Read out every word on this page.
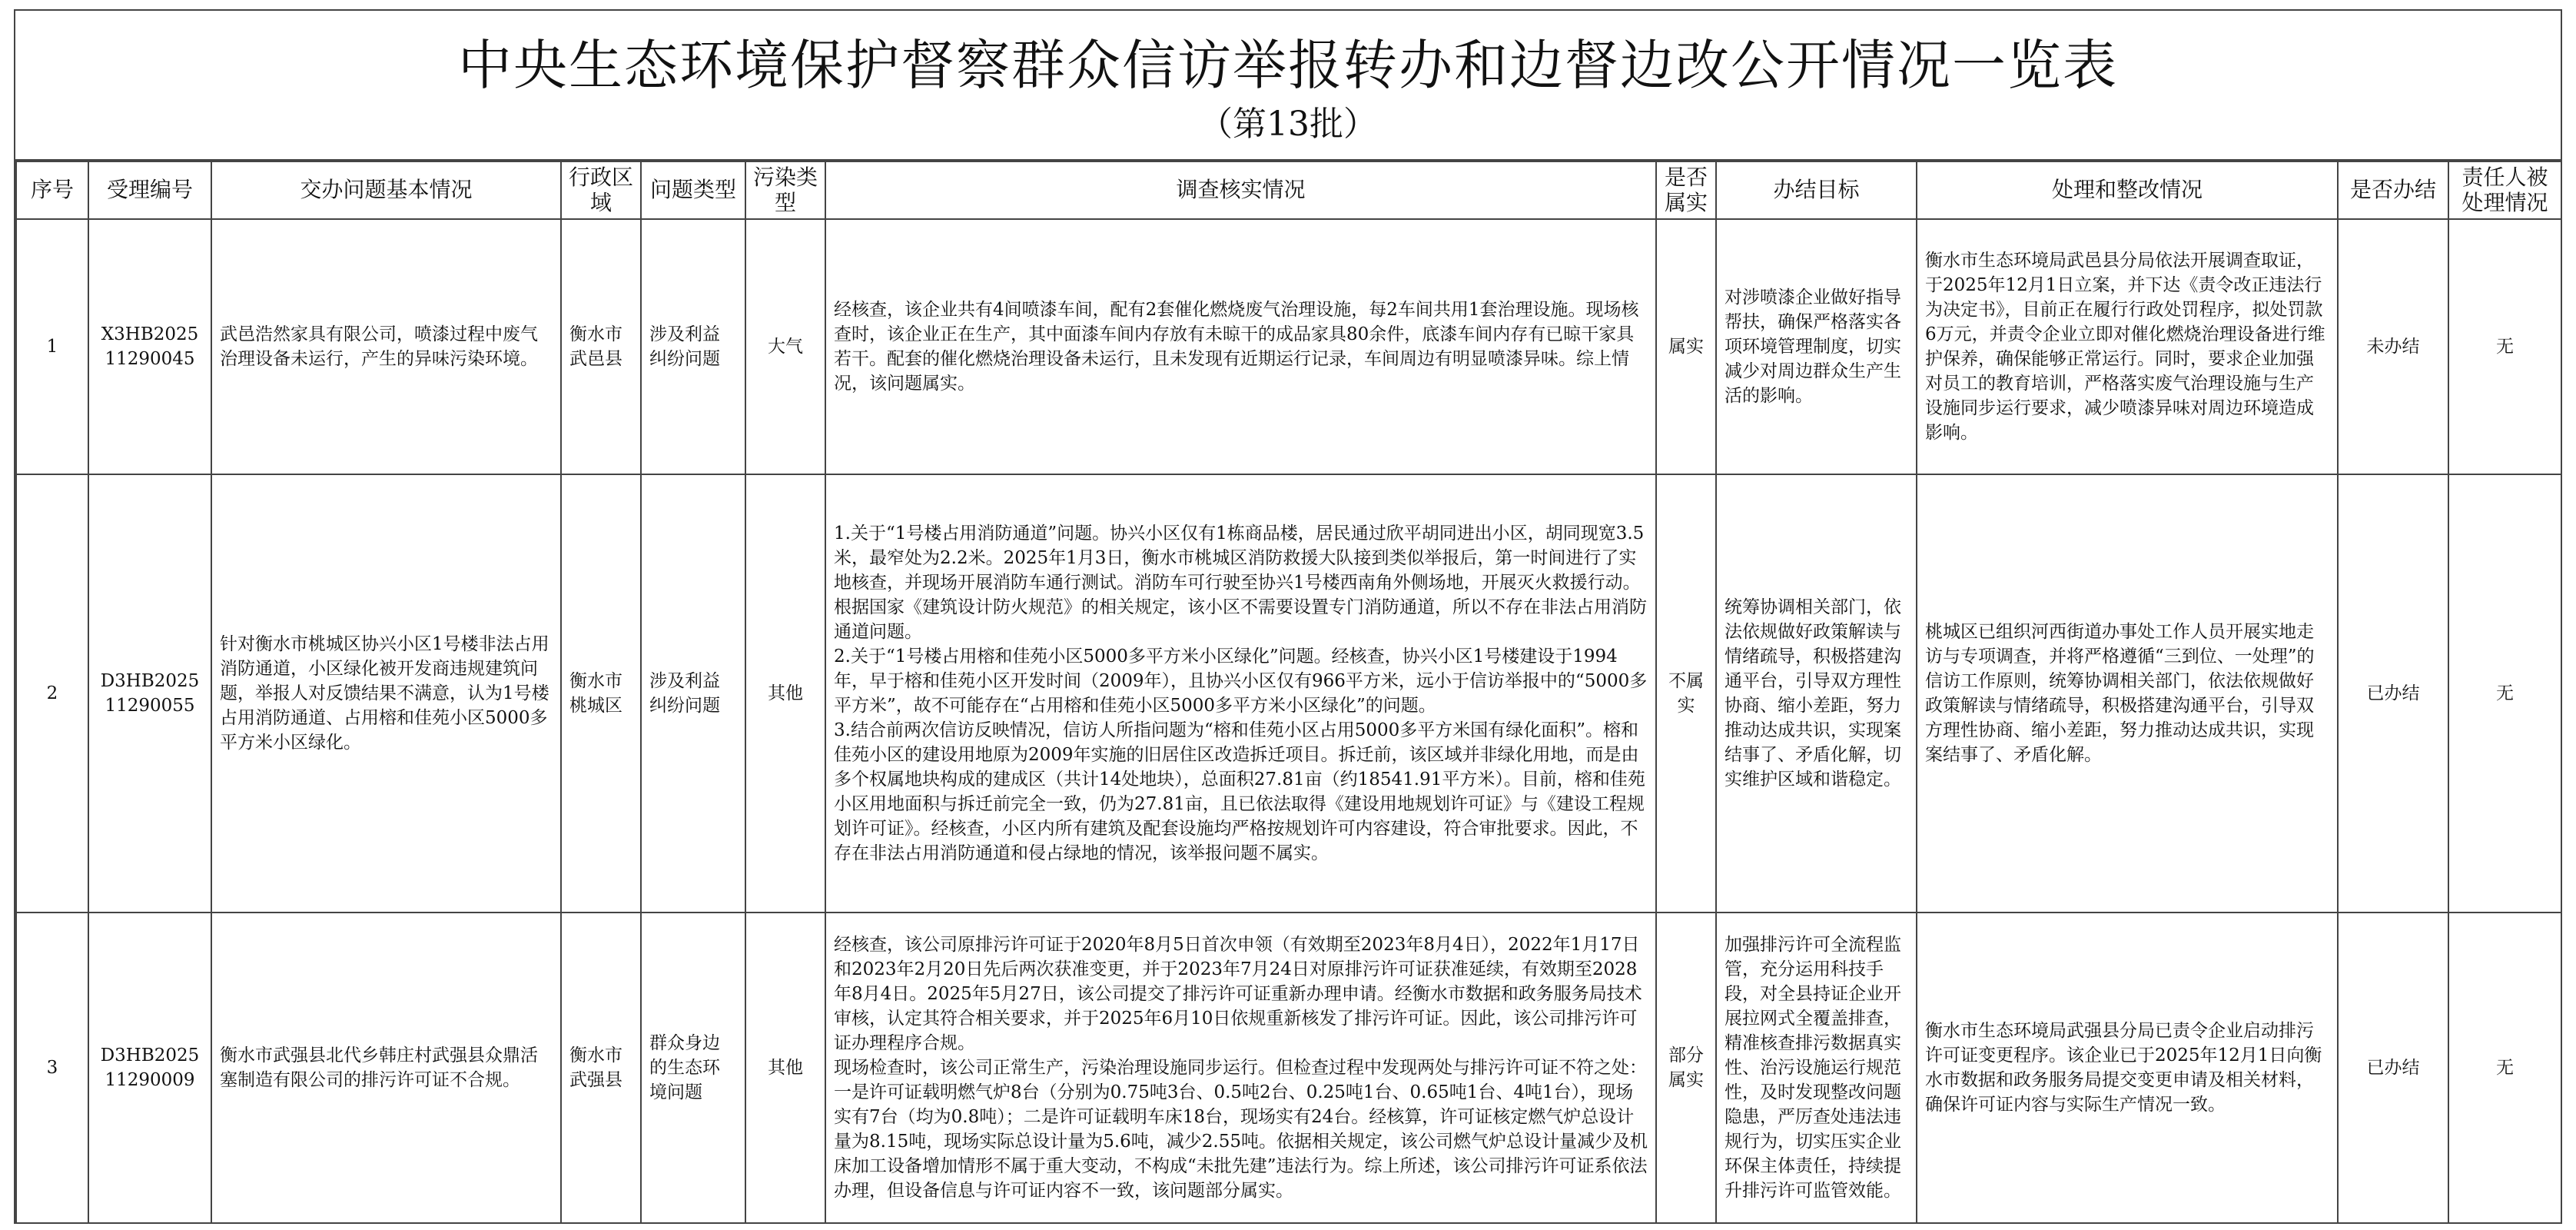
中央生态环境保护督察群众信访举报转办和边督边改公开情况一览表
（第13批）
序号	受理编号	交办问题基本情况	行政区域	问题类型	污染类型	调查核实情况	是否属实	办结目标	处理和整改情况	是否办结	责任人被处理情况
1	X3HB202511290045	武邑浩然家具有限公司，喷漆过程中废气治理设备未运行，产生的异味污染环境。	衡水市武邑县	涉及利益纠纷问题	大气	经核查，该企业共有4间喷漆车间，配有2套催化燃烧废气治理设施，每2车间共用1套治理设施。现场核查时，该企业正在生产，其中面漆车间内存放有未晾干的成品家具80余件，底漆车间内存有已晾干家具若干。配套的催化燃烧治理设备未运行，且未发现有近期运行记录，车间周边有明显喷漆异味。综上情况，该问题属实。	属实	对涉喷漆企业做好指导帮扶，确保严格落实各项环境管理制度，切实减少对周边群众生产生活的影响。	衡水市生态环境局武邑县分局依法开展调查取证，于2025年12月1日立案，并下达《责令改正违法行为决定书》，目前正在履行行政处罚程序，拟处罚款6万元，并责令企业立即对催化燃烧治理设备进行维护保养，确保能够正常运行。同时，要求企业加强对员工的教育培训，严格落实废气治理设施与生产设施同步运行要求，减少喷漆异味对周边环境造成影响。	未办结	无
2	D3HB202511290055	针对衡水市桃城区协兴小区1号楼非法占用消防通道，小区绿化被开发商违规建筑问题，举报人对反馈结果不满意，认为1号楼占用消防通道、占用榕和佳苑小区5000多平方米小区绿化。	衡水市桃城区	涉及利益纠纷问题	其他	1.关于“1号楼占用消防通道”问题。协兴小区仅有1栋商品楼，居民通过欣平胡同进出小区，胡同现宽3.5米，最窄处为2.2米。2025年1月3日，衡水市桃城区消防救援大队接到类似举报后，第一时间进行了实地核查，并现场开展消防车通行测试。消防车可行驶至协兴1号楼西南角外侧场地，开展灭火救援行动。根据国家《建筑设计防火规范》的相关规定，该小区不需要设置专门消防通道，所以不存在非法占用消防通道问题。
2.关于“1号楼占用榕和佳苑小区5000多平方米小区绿化”问题。经核查，协兴小区1号楼建设于1994年，早于榕和佳苑小区开发时间（2009年），且协兴小区仅有966平方米，远小于信访举报中的“5000多平方米”，故不可能存在“占用榕和佳苑小区5000多平方米小区绿化”的问题。
3.结合前两次信访反映情况，信访人所指问题为“榕和佳苑小区占用5000多平方米国有绿化面积”。榕和佳苑小区的建设用地原为2009年实施的旧居住区改造拆迁项目。拆迁前，该区域并非绿化用地，而是由多个权属地块构成的建成区（共计14处地块），总面积27.81亩（约18541.91平方米）。目前，榕和佳苑小区用地面积与拆迁前完全一致，仍为27.81亩，且已依法取得《建设用地规划许可证》与《建设工程规划许可证》。经核查，小区内所有建筑及配套设施均严格按规划许可内容建设，符合审批要求。因此，不存在非法占用消防通道和侵占绿地的情况，该举报问题不属实。	不属实	统筹协调相关部门，依法依规做好政策解读与情绪疏导，积极搭建沟通平台，引导双方理性协商、缩小差距，努力推动达成共识，实现案结事了、矛盾化解，切实维护区域和谐稳定。	桃城区已组织河西街道办事处工作人员开展实地走访与专项调查，并将严格遵循“三到位、一处理”的信访工作原则，统筹协调相关部门，依法依规做好政策解读与情绪疏导，积极搭建沟通平台，引导双方理性协商、缩小差距，努力推动达成共识，实现案结事了、矛盾化解。	已办结	无
3	D3HB202511290009	衡水市武强县北代乡韩庄村武强县众鼎活塞制造有限公司的排污许可证不合规。	衡水市武强县	群众身边的生态环境问题	其他	经核查，该公司原排污许可证于2020年8月5日首次申领（有效期至2023年8月4日），2022年1月17日和2023年2月20日先后两次获准变更，并于2023年7月24日对原排污许可证获准延续，有效期至2028年8月4日。2025年5月27日，该公司提交了排污许可证重新办理申请。经衡水市数据和政务服务局技术审核，认定其符合相关要求，并于2025年6月10日依规重新核发了排污许可证。因此，该公司排污许可证办理程序合规。
现场检查时，该公司正常生产，污染治理设施同步运行。但检查过程中发现两处与排污许可证不符之处：一是许可证载明燃气炉8台（分别为0.75吨3台、0.5吨2台、0.25吨1台、0.65吨1台、4吨1台），现场实有7台（均为0.8吨）；二是许可证载明车床18台，现场实有24台。经核算，许可证核定燃气炉总设计量为8.15吨，现场实际总设计量为5.6吨，减少2.55吨。依据相关规定，该公司燃气炉总设计量减少及机床加工设备增加情形不属于重大变动，不构成“未批先建”违法行为。综上所述，该公司排污许可证系依法办理，但设备信息与许可证内容不一致，该问题部分属实。	部分属实	加强排污许可全流程监管，充分运用科技手段，对全县持证企业开展拉网式全覆盖排查，精准核查排污数据真实性、治污设施运行规范性，及时发现整改问题隐患，严厉查处违法违规行为，切实压实企业环保主体责任，持续提升排污许可监管效能。	衡水市生态环境局武强县分局已责令企业启动排污许可证变更程序。该企业已于2025年12月1日向衡水市数据和政务服务局提交变更申请及相关材料，确保许可证内容与实际生产情况一致。	已办结	无
